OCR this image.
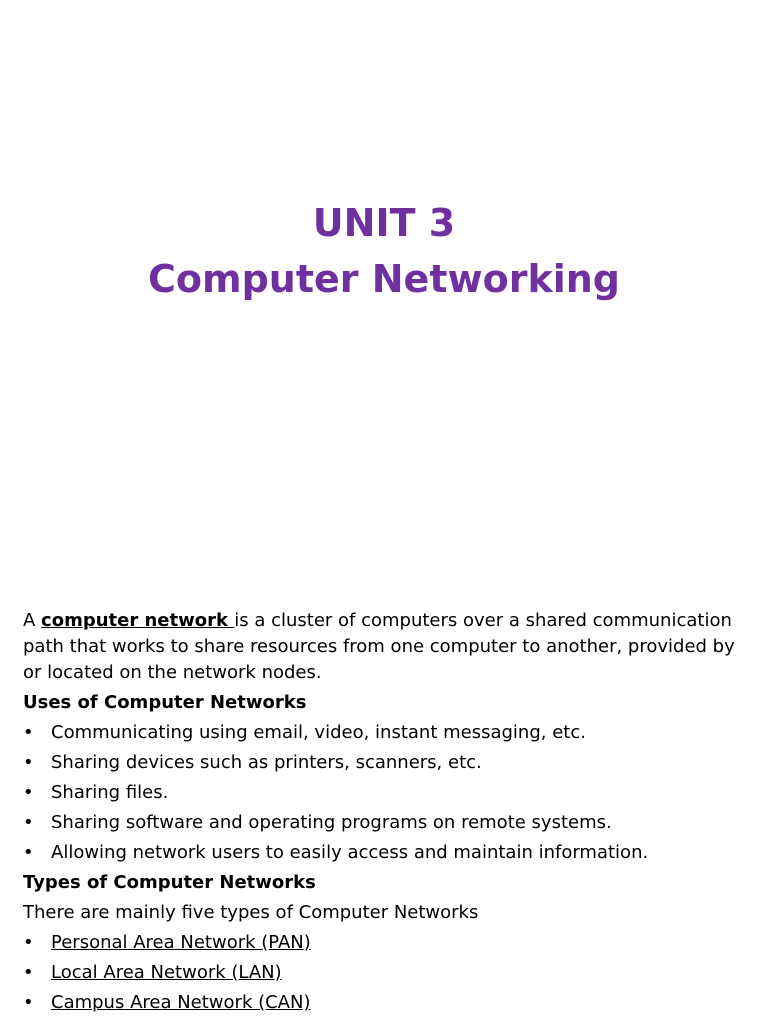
UNIT 3
Computer Networking

A computer network is a cluster of computers over a shared communication path that works to share resources from one computer to another, provided by or located on the network nodes.

Uses of Computer Networks

• Communicating using email, video, instant messaging, etc.
• Sharing devices such as printers, scanners, etc.
• Sharing files.
• Sharing software and operating programs on remote systems.
• Allowing network users to easily access and maintain information.

Types of Computer Networks

There are mainly five types of Computer Networks

• Personal Area Network (PAN)
• Local Area Network (LAN)
• Campus Area Network (CAN)
